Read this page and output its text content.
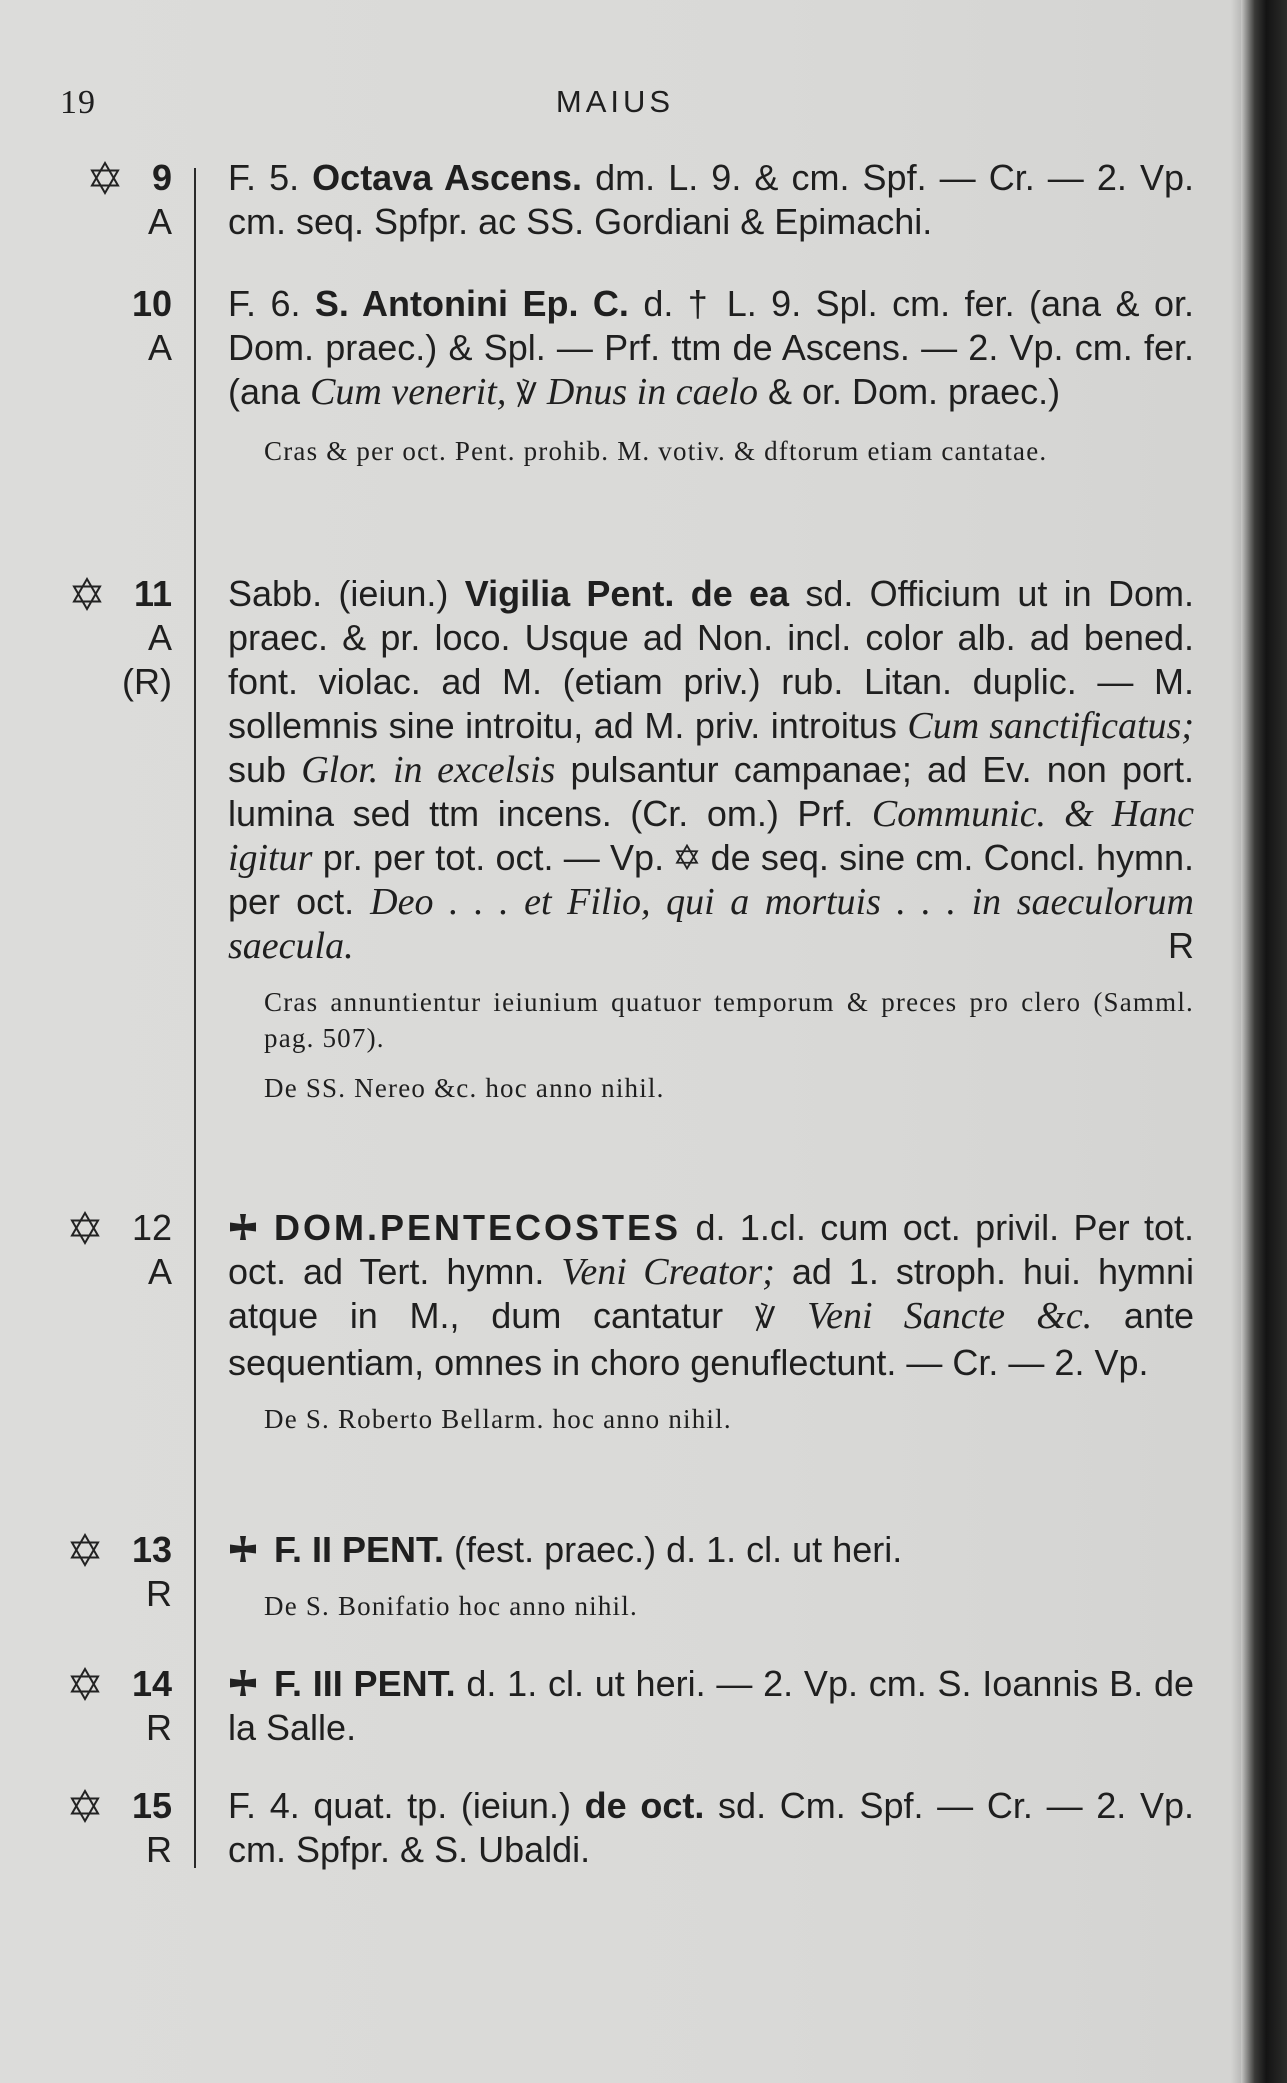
19	MAIUS
9
A

F. 5. Octava Ascens. dm. L. 9. & cm. Spf. — Cr. — 2. Vp. cm. seq. Spfpr. ac SS. Gordiani & Epimachi.

10
A

F. 6. S. Antonini Ep. C. d. † L. 9. Spl. cm. fer. (ana & or. Dom. praec.) & Spl. — Prf. ttm de Ascens. — 2. Vp. cm. fer. (ana Cum venerit, ℣ Dnus in caelo & or. Dom. praec.)

Cras & per oct. Pent. prohib. M. votiv. & dftorum etiam cantatae.

11
A
(R)

Sabb. (ieiun.) Vigilia Pent. de ea sd. Officium ut in Dom. praec. & pr. loco. Usque ad Non. incl. color alb. ad bened. font. violac. ad M. (etiam priv.) rub. Litan. duplic. — M. sollemnis sine introitu, ad M. priv. introitus Cum sanctificatus; sub Glor. in excelsis pulsantur campanae; ad Ev. non port. lumina sed ttm incens. (Cr. om.) Prf. Communic. & Hanc igitur pr. per tot. oct. — Vp.
de seq. sine cm. Concl. hymn. per oct. Deo . . . et Filio, qui a mortuis . . . in saeculorum saecula.	R

Cras annuntientur ieiunium quatuor temporum & preces pro clero (Samml. pag. 507).

De SS. Nereo &c. hoc anno nihil.

12
A

DOM.PENTECOSTES d. 1.cl. cum oct. privil. Per tot. oct. ad Tert. hymn. Veni Creator; ad 1. stroph. hui. hymni atque in M., dum cantatur ℣ Veni Sancte &c. ante sequentiam, omnes in choro genuflectunt. — Cr. — 2. Vp.

De S. Roberto Bellarm. hoc anno nihil.

13
R

F. II PENT. (fest. praec.) d. 1. cl. ut heri.

De S. Bonifatio hoc anno nihil.

14
R

F. III PENT. d. 1. cl. ut heri. — 2. Vp. cm. S. Ioannis B. de la Salle.

15
R

F. 4. quat. tp. (ieiun.) de oct. sd. Cm. Spf. — Cr. — 2. Vp. cm. Spfpr. & S. Ubaldi.
